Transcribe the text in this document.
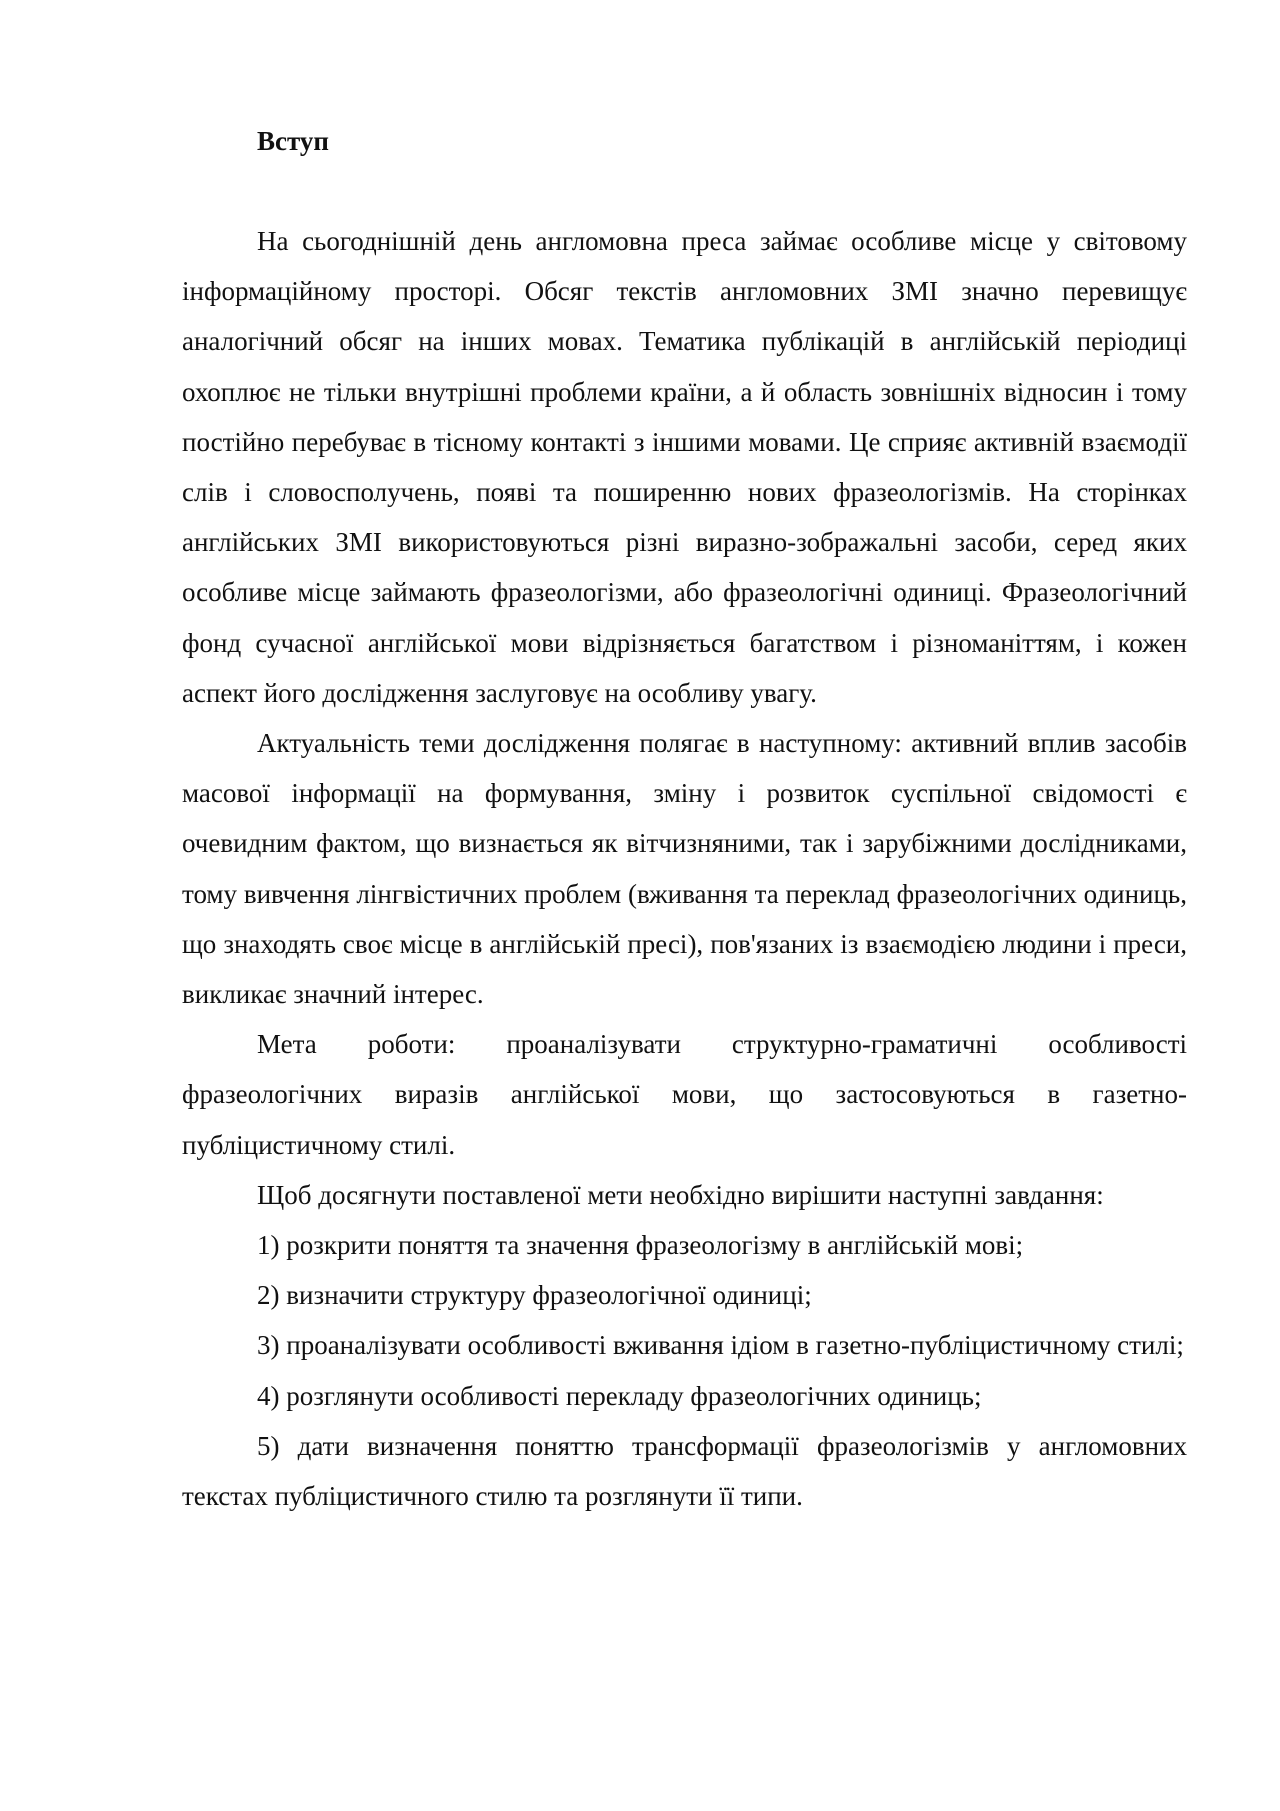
Вступ

На сьогоднішній день англомовна преса займає особливе місце у світовому інформаційному просторі. Обсяг текстів англомовних ЗМІ значно перевищує аналогічний обсяг на інших мовах. Тематика публікацій в англійській періодиці охоплює не тільки внутрішні проблеми країни, а й область зовнішніх відносин і тому постійно перебуває в тісному контакті з іншими мовами. Це сприяє активній взаємодії слів і словосполучень, появі та поширенню нових фразеологізмів. На сторінках англійських ЗМІ використовуються різні виразно-зображальні засоби, серед яких особливе місце займають фразеологізми, або фразеологічні одиниці. Фразеологічний фонд сучасної англійської мови відрізняється багатством і різноманіттям, і кожен аспект його дослідження заслуговує на особливу увагу.

Актуальність теми дослідження полягає в наступному: активний вплив засобів масової інформації на формування, зміну і розвиток суспільної свідомості є очевидним фактом, що визнається як вітчизняними, так і зарубіжними дослідниками, тому вивчення лінгвістичних проблем (вживання та переклад фразеологічних одиниць, що знаходять своє місце в англійській пресі), пов'язаних із взаємодією людини і преси, викликає значний інтерес.

Мета роботи: проаналізувати структурно-граматичні особливості фразеологічних виразів англійської мови, що застосовуються в газетно-публіцистичному стилі.

Щоб досягнути поставленої мети необхідно вирішити наступні завдання:

1) розкрити поняття та значення фразеологізму в англійській мові;

2) визначити структуру фразеологічної одиниці;

3) проаналізувати особливості вживання ідіом в газетно-публіцистичному стилі;

4) розглянути особливості перекладу фразеологічних одиниць;

5) дати визначення поняттю трансформації фразеологізмів у англомовних текстах публіцистичного стилю та розглянути її типи.
